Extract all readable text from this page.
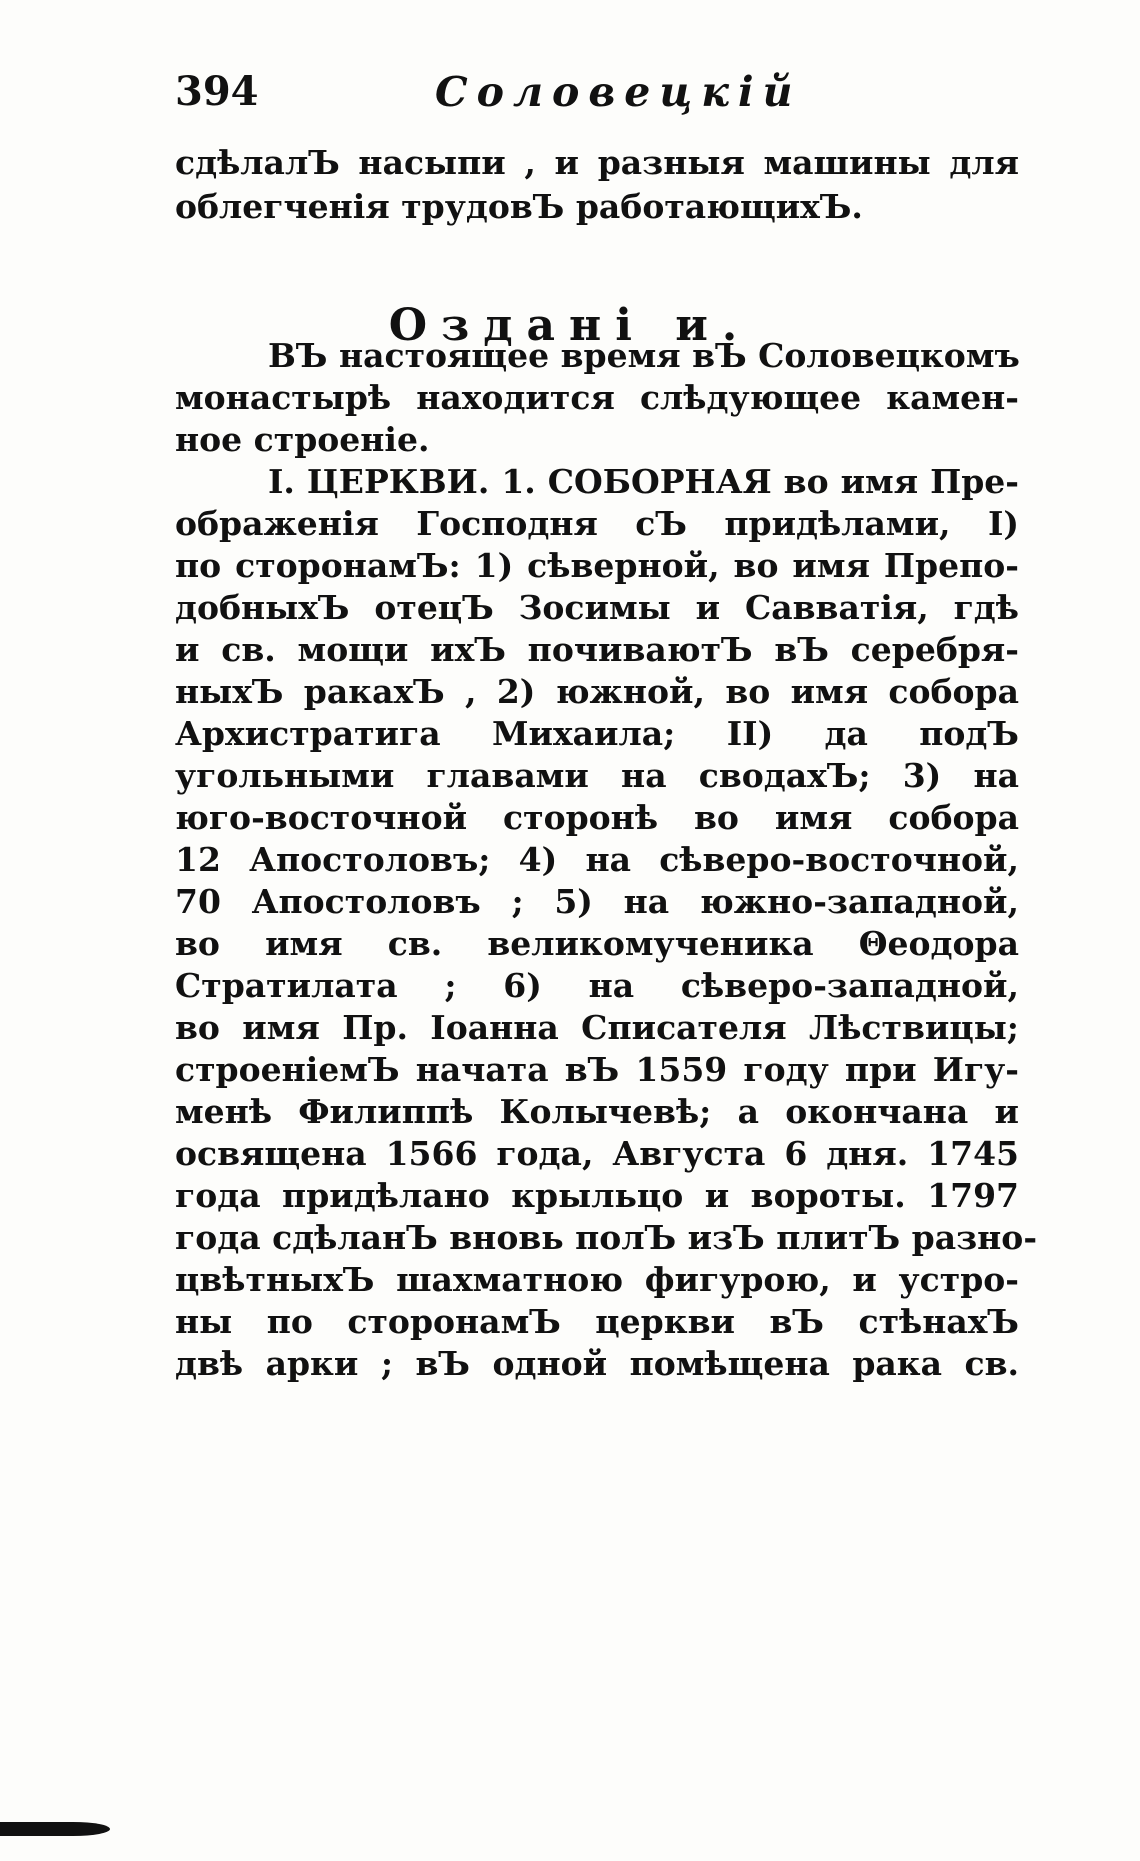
394	Соловецкій
сдѣлалЪ насыпи , и разныя машины для
облегченія трудовЪ работающихЪ.
Оздані и.
ВЪ настоящее время вЪ Соловецкомъ
монастырѣ находится слѣдующее камен-
ное строеніе.
І. ЦЕРКВИ. 1. СОБОРНАЯ во имя Пре-
ображенія Господня сЪ придѣлами, І)
по сторонамЪ: 1) сѣверной, во имя Препо-
добныхЪ отецЪ Зосимы и Савватія, гдѣ
и св. мощи ихЪ почиваютЪ вЪ серебря-
ныхЪ ракахЪ , 2) южной, во имя собора
Архистратига Михаила; II) да подЪ
угольными главами на сводахЪ; 3) на
юго-восточной сторонѣ во имя собора
12 Апостоловъ; 4) на сѣверо-восточной,
70 Апостоловъ ; 5) на южно-западной,
во имя св. великомученика Θеодора
Стратилата ; 6) на сѣверо-западной,
во имя Пр. Іоанна Списателя Лѣствицы;
строеніемЪ начата вЪ 1559 году при Игу-
менѣ Филиппѣ Колычевѣ; а окончана и
освящена 1566 года, Августа 6 дня. 1745
года придѣлано крыльцо и вороты. 1797
года сдѣланЪ вновь полЪ изЪ плитЪ разно-
цвѣтныхЪ шахматною фигурою, и устро-
ны по сторонамЪ церкви вЪ стѣнахЪ
двѣ арки ; вЪ одной помѣщена рака св.
